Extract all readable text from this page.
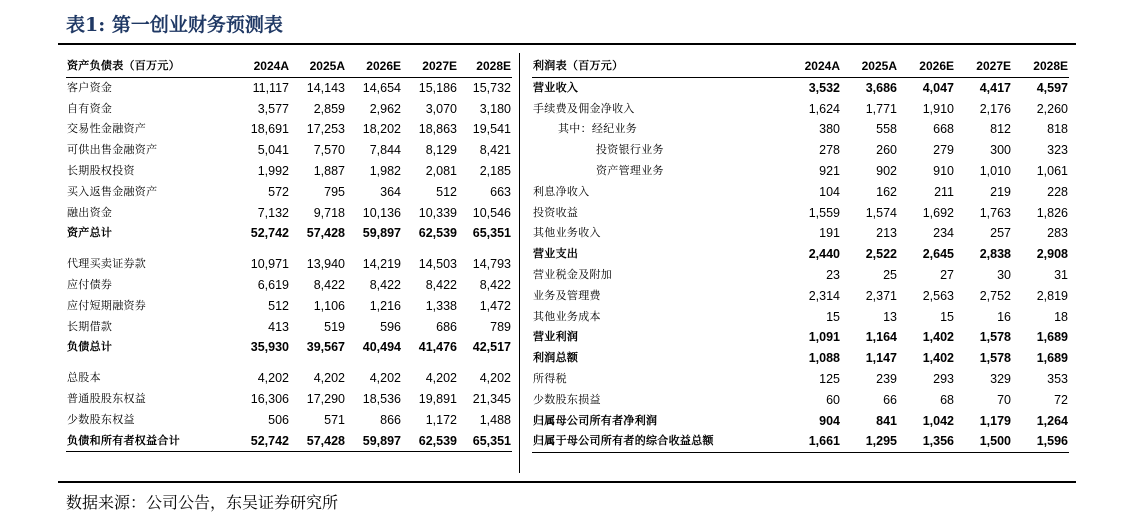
表1: 第一创业财务预测表
资产负债表（百万元）	2024A	2025A	2026E	2027E	2028E
客户资金	11,117	14,143	14,654	15,186	15,732
自有资金	3,577	2,859	2,962	3,070	3,180
交易性金融资产	18,691	17,253	18,202	18,863	19,541
可供出售金融资产	5,041	7,570	7,844	8,129	8,421
长期股权投资	1,992	1,887	1,982	2,081	2,185
买入返售金融资产	572	795	364	512	663
融出资金	7,132	9,718	10,136	10,339	10,546
资产总计	52,742	57,428	59,897	62,539	65,351

代理买卖证券款	10,971	13,940	14,219	14,503	14,793
应付债券	6,619	8,422	8,422	8,422	8,422
应付短期融资券	512	1,106	1,216	1,338	1,472
长期借款	413	519	596	686	789
负债总计	35,930	39,567	40,494	41,476	42,517

总股本	4,202	4,202	4,202	4,202	4,202
普通股股东权益	16,306	17,290	18,536	19,891	21,345
少数股东权益	506	571	866	1,172	1,488
负债和所有者权益合计	52,742	57,428	59,897	62,539	65,351
利润表（百万元）	2024A	2025A	2026E	2027E	2028E
营业收入	3,532	3,686	4,047	4,417	4,597
手续费及佣金净收入	1,624	1,771	1,910	2,176	2,260
其中：经纪业务	380	558	668	812	818
投资银行业务	278	260	279	300	323
资产管理业务	921	902	910	1,010	1,061
利息净收入	104	162	211	219	228
投资收益	1,559	1,574	1,692	1,763	1,826
其他业务收入	191	213	234	257	283
营业支出	2,440	2,522	2,645	2,838	2,908
营业税金及附加	23	25	27	30	31
业务及管理费	2,314	2,371	2,563	2,752	2,819
其他业务成本	15	13	15	16	18
营业利润	1,091	1,164	1,402	1,578	1,689
利润总额	1,088	1,147	1,402	1,578	1,689
所得税	125	239	293	329	353
少数股东损益	60	66	68	70	72
归属母公司所有者净利润	904	841	1,042	1,179	1,264
归属于母公司所有者的综合收益总额	1,661	1,295	1,356	1,500	1,596
数据来源：公司公告，东吴证券研究所
